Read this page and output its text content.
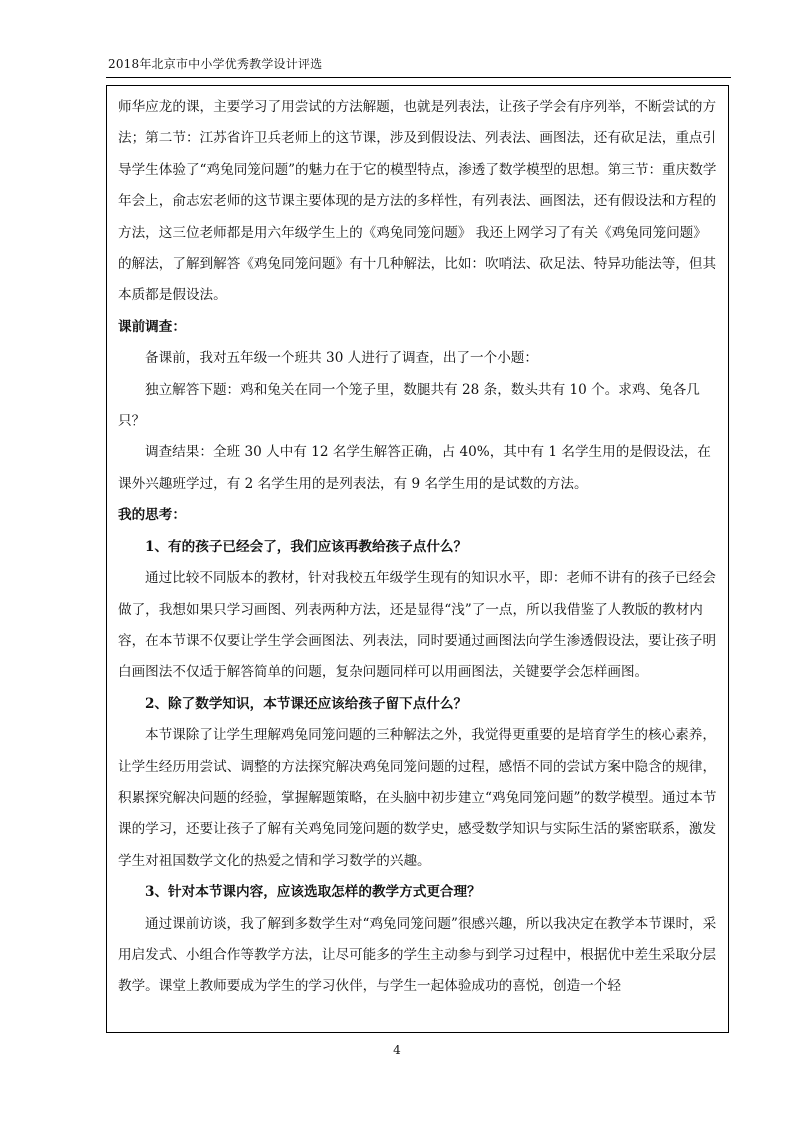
2018年北京市中小学优秀教学设计评选

师华应龙的课，主要学习了用尝试的方法解题，也就是列表法，让孩子学会有序列举，不断尝试的方法；第二节：江苏省许卫兵老师上的这节课，涉及到假设法、列表法、画图法，还有砍足法，重点引导学生体验了“鸡兔同笼问题”的魅力在于它的模型特点，渗透了数学模型的思想。第三节：重庆数学年会上，俞志宏老师的这节课主要体现的是方法的多样性，有列表法、画图法，还有假设法和方程的方法，这三位老师都是用六年级学生上的《鸡兔同笼问题》 我还上网学习了有关《鸡兔同笼问题》的解法，了解到解答《鸡兔同笼问题》有十几种解法，比如：吹哨法、砍足法、特异功能法等，但其本质都是假设法。

课前调查：

备课前，我对五年级一个班共 30 人进行了调查，出了一个小题：

独立解答下题：鸡和兔关在同一个笼子里，数腿共有 28 条，数头共有 10 个。求鸡、兔各几只？

调查结果：全班 30 人中有 12 名学生解答正确，占 40%，其中有 1 名学生用的是假设法，在课外兴趣班学过，有 2 名学生用的是列表法，有 9 名学生用的是试数的方法。

我的思考：

1、有的孩子已经会了，我们应该再教给孩子点什么？

通过比较不同版本的教材，针对我校五年级学生现有的知识水平，即：老师不讲有的孩子已经会做了，我想如果只学习画图、列表两种方法，还是显得“浅”了一点，所以我借鉴了人教版的教材内容，在本节课不仅要让学生学会画图法、列表法，同时要通过画图法向学生渗透假设法，要让孩子明白画图法不仅适于解答简单的问题，复杂问题同样可以用画图法，关键要学会怎样画图。

2、除了数学知识，本节课还应该给孩子留下点什么？

本节课除了让学生理解鸡兔同笼问题的三种解法之外，我觉得更重要的是培育学生的核心素养，让学生经历用尝试、调整的方法探究解决鸡兔同笼问题的过程，感悟不同的尝试方案中隐含的规律，积累探究解决问题的经验，掌握解题策略，在头脑中初步建立“鸡兔同笼问题”的数学模型。通过本节课的学习，还要让孩子了解有关鸡兔同笼问题的数学史，感受数学知识与实际生活的紧密联系，激发学生对祖国数学文化的热爱之情和学习数学的兴趣。

3、针对本节课内容，应该选取怎样的教学方式更合理？

通过课前访谈，我了解到多数学生对“鸡兔同笼问题”很感兴趣，所以我决定在教学本节课时，采用启发式、小组合作等教学方法，让尽可能多的学生主动参与到学习过程中，根据优中差生采取分层教学。课堂上教师要成为学生的学习伙伴，与学生一起体验成功的喜悦，创造一个轻

4
